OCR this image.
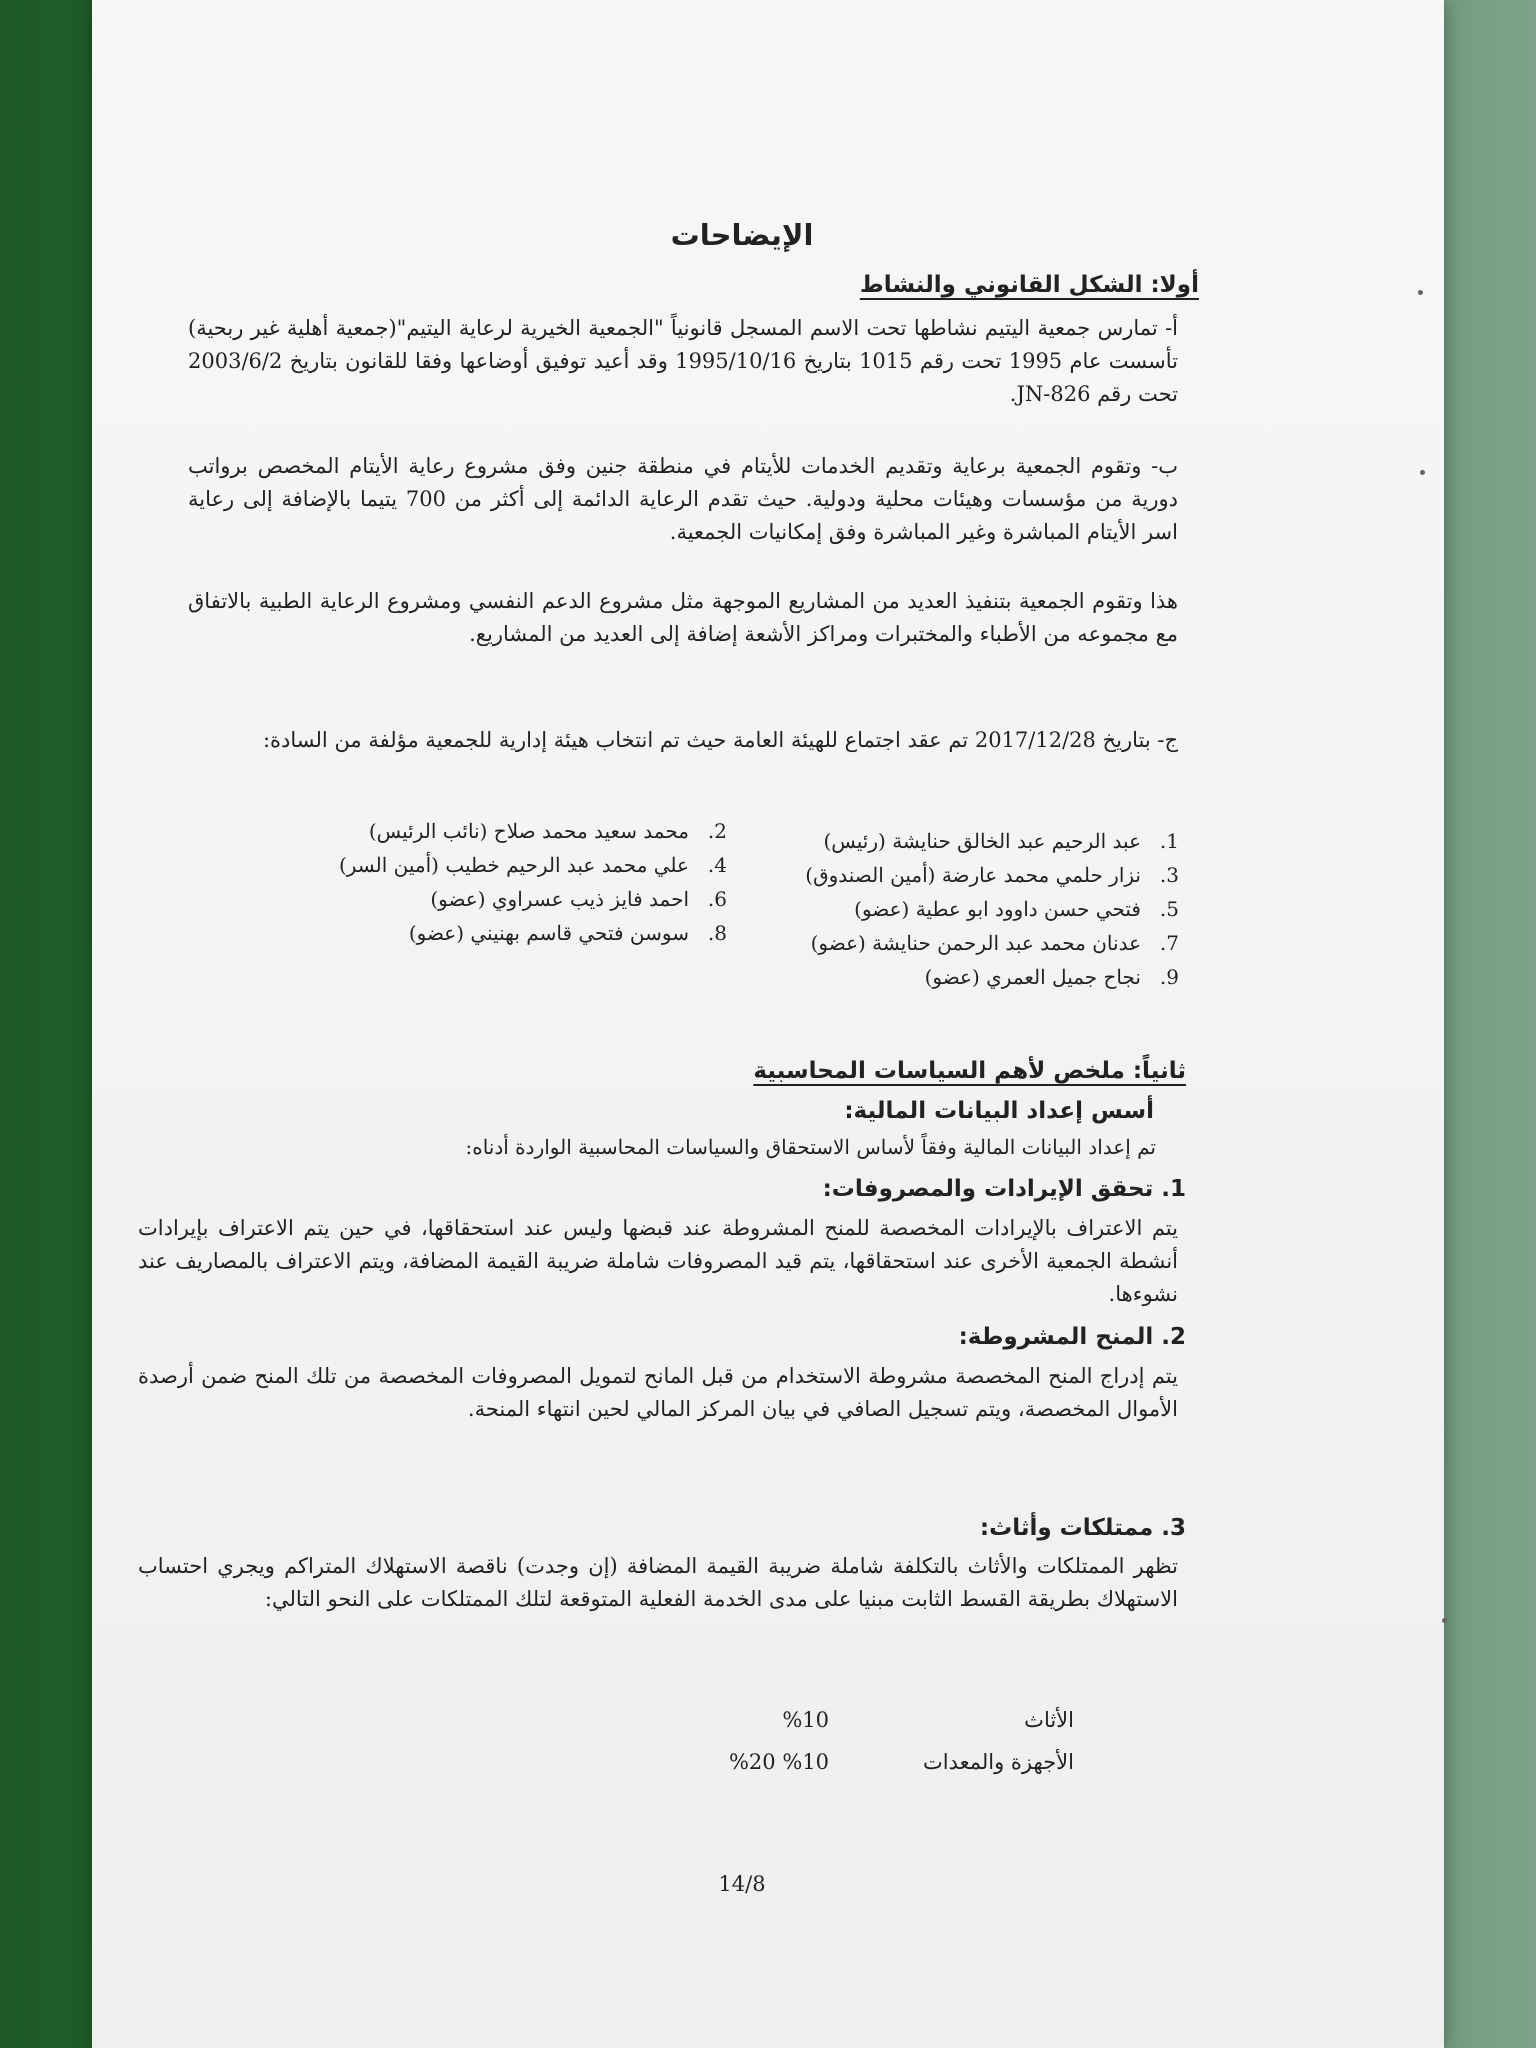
الإيضاحات
أولا: الشكل القانوني والنشاط
أ- تمارس جمعية اليتيم نشاطها تحت الاسم المسجل قانونياً "الجمعية الخيرية لرعاية اليتيم"(جمعية أهلية غير ربحية) تأسست عام 1995 تحت رقم 1015 بتاريخ 1995/10/16 وقد أعيد توفيق أوضاعها وفقا للقانون بتاريخ 2003/6/2 تحت رقم JN-826.
ب- وتقوم الجمعية برعاية وتقديم الخدمات للأيتام في منطقة جنين وفق مشروع رعاية الأيتام المخصص برواتب دورية من مؤسسات وهيئات محلية ودولية. حيث تقدم الرعاية الدائمة إلى أكثر من 700 يتيما بالإضافة إلى رعاية اسر الأيتام المباشرة وغير المباشرة وفق إمكانيات الجمعية.
هذا وتقوم الجمعية بتنفيذ العديد من المشاريع الموجهة مثل مشروع الدعم النفسي ومشروع الرعاية الطبية بالاتفاق مع مجموعه من الأطباء والمختبرات ومراكز الأشعة إضافة إلى العديد من المشاريع.
ج- بتاريخ 2017/12/28 تم عقد اجتماع للهيئة العامة حيث تم انتخاب هيئة إدارية للجمعية مؤلفة من السادة:
1.عبد الرحيم عبد الخالق حنايشة (رئيس)
3.نزار حلمي محمد عارضة (أمين الصندوق)
5.فتحي حسن داوود ابو عطية (عضو)
7.عدنان محمد عبد الرحمن حنايشة (عضو)
9.نجاح جميل العمري (عضو)
2.محمد سعيد محمد صلاح (نائب الرئيس)
4.علي محمد عبد الرحيم خطيب (أمين السر)
6.احمد فايز ذيب عسراوي (عضو)
8.سوسن فتحي قاسم بهنيني (عضو)
ثانياً: ملخص لأهم السياسات المحاسبية
أسس إعداد البيانات المالية:
تم إعداد البيانات المالية وفقاً لأساس الاستحقاق والسياسات المحاسبية الواردة أدناه:
1. تحقق الإيرادات والمصروفات:
يتم الاعتراف بالإيرادات المخصصة للمنح المشروطة عند قبضها وليس عند استحقاقها، في حين يتم الاعتراف بإيرادات أنشطة الجمعية الأخرى عند استحقاقها، يتم قيد المصروفات شاملة ضريبة القيمة المضافة، ويتم الاعتراف بالمصاريف عند نشوءها.
2. المنح المشروطة:
يتم إدراج المنح المخصصة مشروطة الاستخدام من قبل المانح لتمويل المصروفات المخصصة من تلك المنح ضمن أرصدة الأموال المخصصة، ويتم تسجيل الصافي في بيان المركز المالي لحين انتهاء المنحة.
3. ممتلكات وأثاث:
تظهر الممتلكات والأثاث بالتكلفة شاملة ضريبة القيمة المضافة (إن وجدت) ناقصة الاستهلاك المتراكم ويجري احتساب الاستهلاك بطريقة القسط الثابت مبنيا على مدى الخدمة الفعلية المتوقعة لتلك الممتلكات على النحو التالي:
الأثاث
%10
الأجهزة والمعدات
%10 %20
14/8
